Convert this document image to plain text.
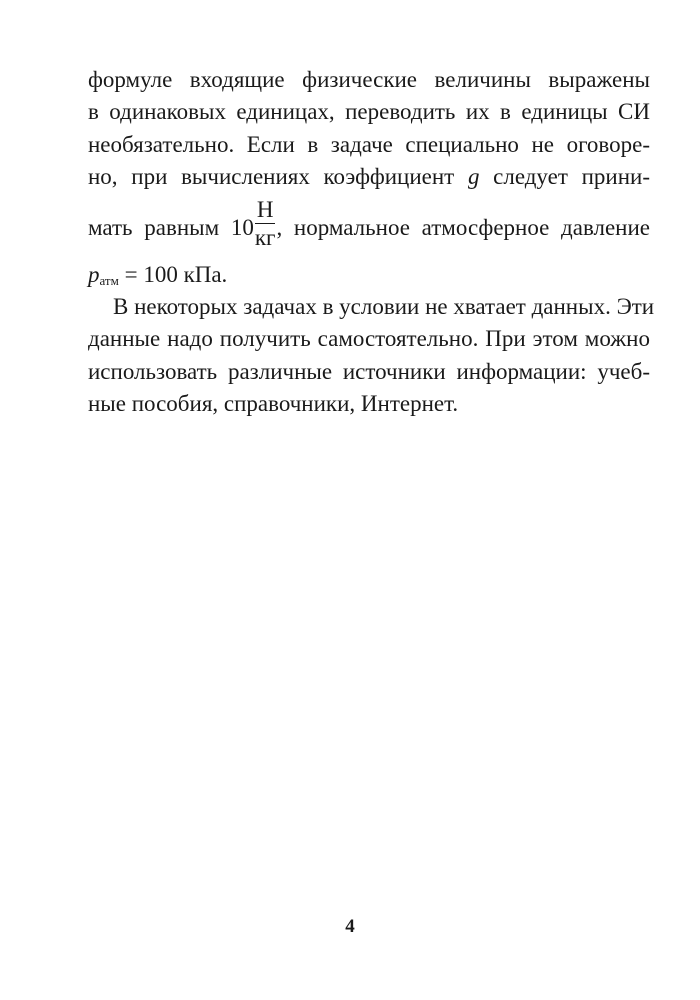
формуле входящие физические величины выражены
в одинаковых единицах, переводить их в единицы СИ
необязательно. Если в задаче специально не оговоре-
но, при вычислениях коэффициент g следует прини-
мать равным $10 \frac{Н}{кг}$ , нормальное атмосферное давление
$p_{атм} = 100$ кПа.
В некоторых задачах в условии не хватает данных. Эти
данные надо получить самостоятельно. При этом можно
использовать различные источники информации: учеб-
ные пособия, справочники, Интернет.
4
